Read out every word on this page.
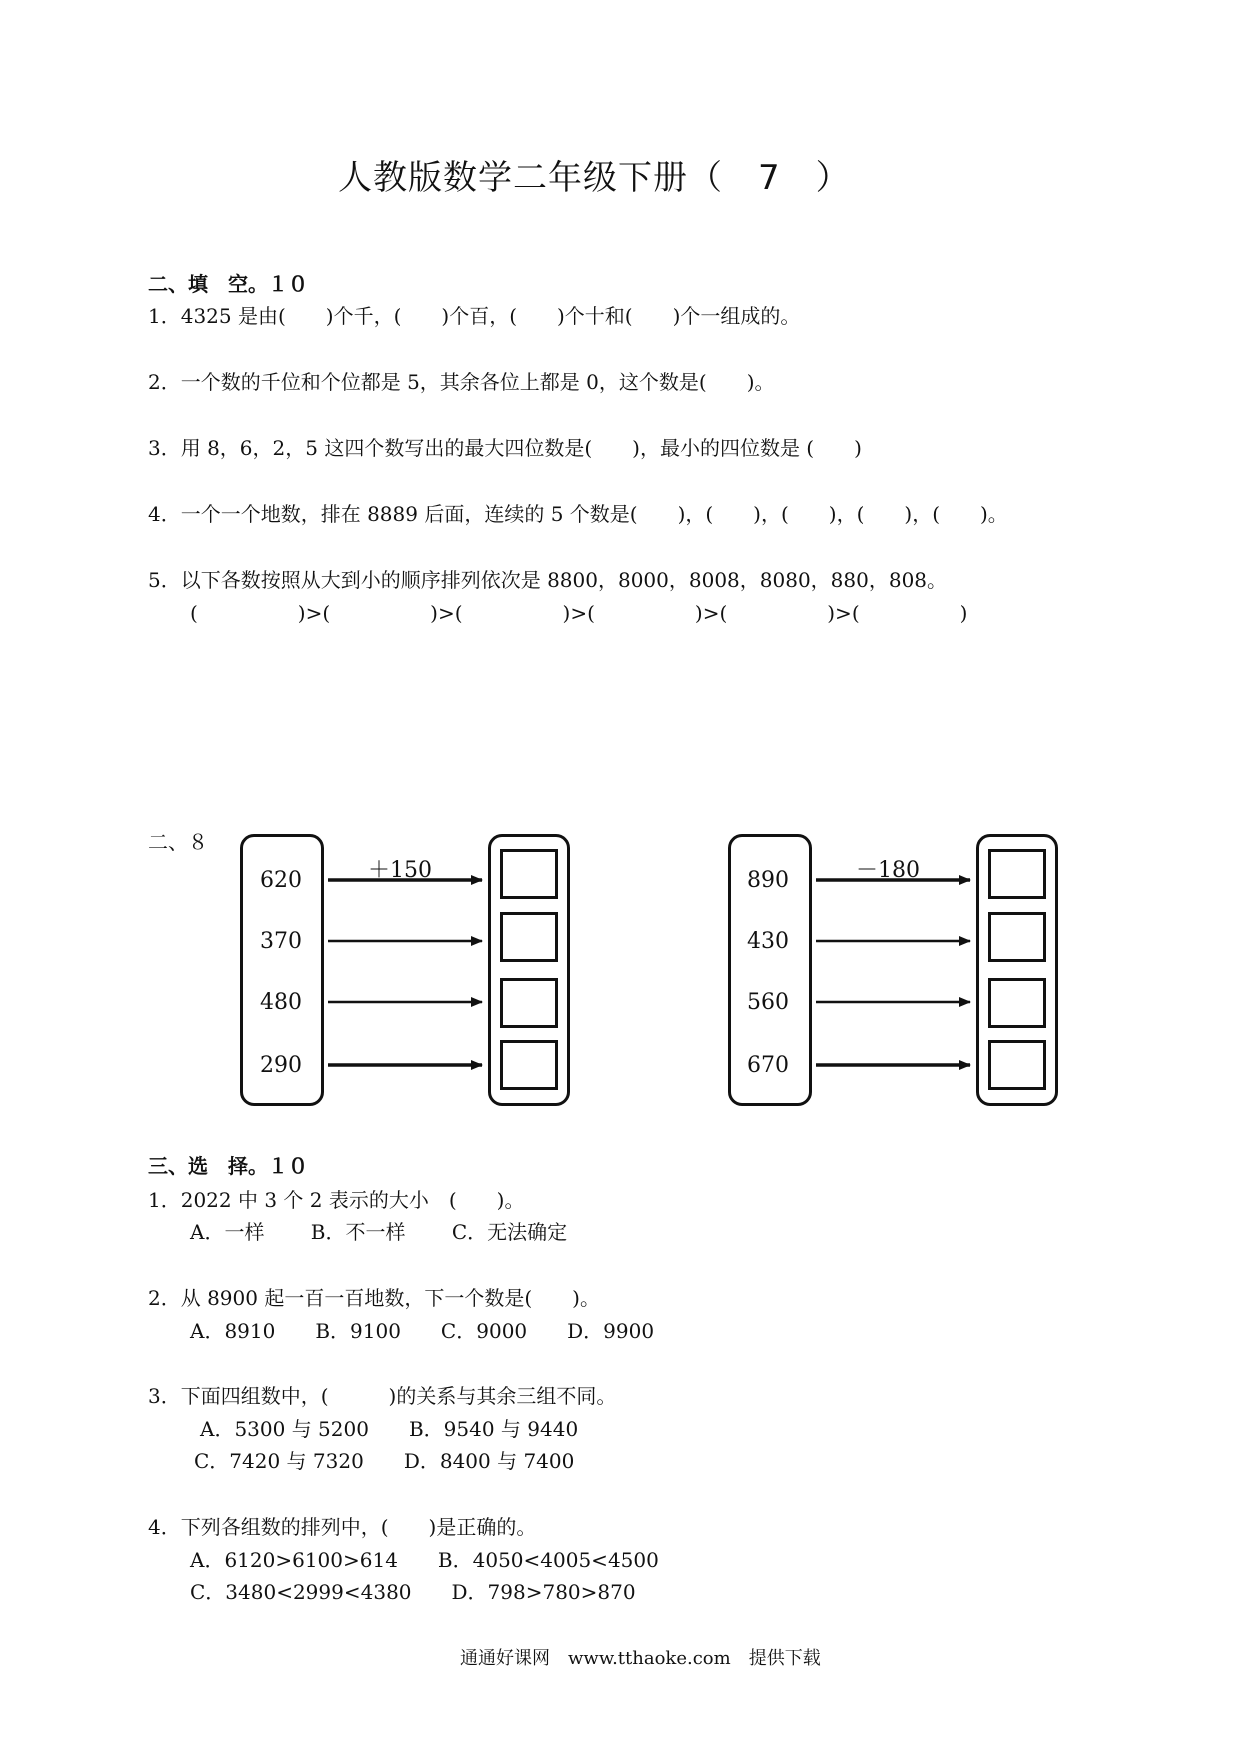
人教版数学二年级下册（　7　）
二、填　空。１０
1．4325 是由(　　)个千，(　　)个百，(　　)个十和(　　)个一组成的。
2．一个数的千位和个位都是 5，其余各位上都是 0，这个数是(　　)。
3．用 8，6，2，5 这四个数写出的最大四位数是(　　)，最小的四位数是 (　　)
4．一个一个地数，排在 8889 后面，连续的 5 个数是(　　)，(　　)，(　　)，(　　)，(　　)。
5．以下各数按照从大到小的顺序排列依次是 8800，8000，8008，8080，880，808。
(　　　　　)>(　　　　　)>(　　　　　)>(　　　　　)>(　　　　　)>(　　　　　)
二、８
620
370
480
290
＋150	890
430
560
670
－180
三、选　择。１０
1．2022 中 3 个 2 表示的大小　(　　)。
A．一样　　 B．不一样　　 C．无法确定
2．从 8900 起一百一百地数，下一个数是(　　)。
A．8910　　B．9100　　C．9000　　D．9900
3．下面四组数中，(　　　)的关系与其余三组不同。
A．5300 与 5200　　B．9540 与 9440
C．7420 与 7320　　D．8400 与 7400
4．下列各组数的排列中，(　　)是正确的。
A．6120>6100>614　　B．4050<4005<4500
C．3480<2999<4380　　D．798>780>870
通通好课网　www.tthaoke.com　提供下载
